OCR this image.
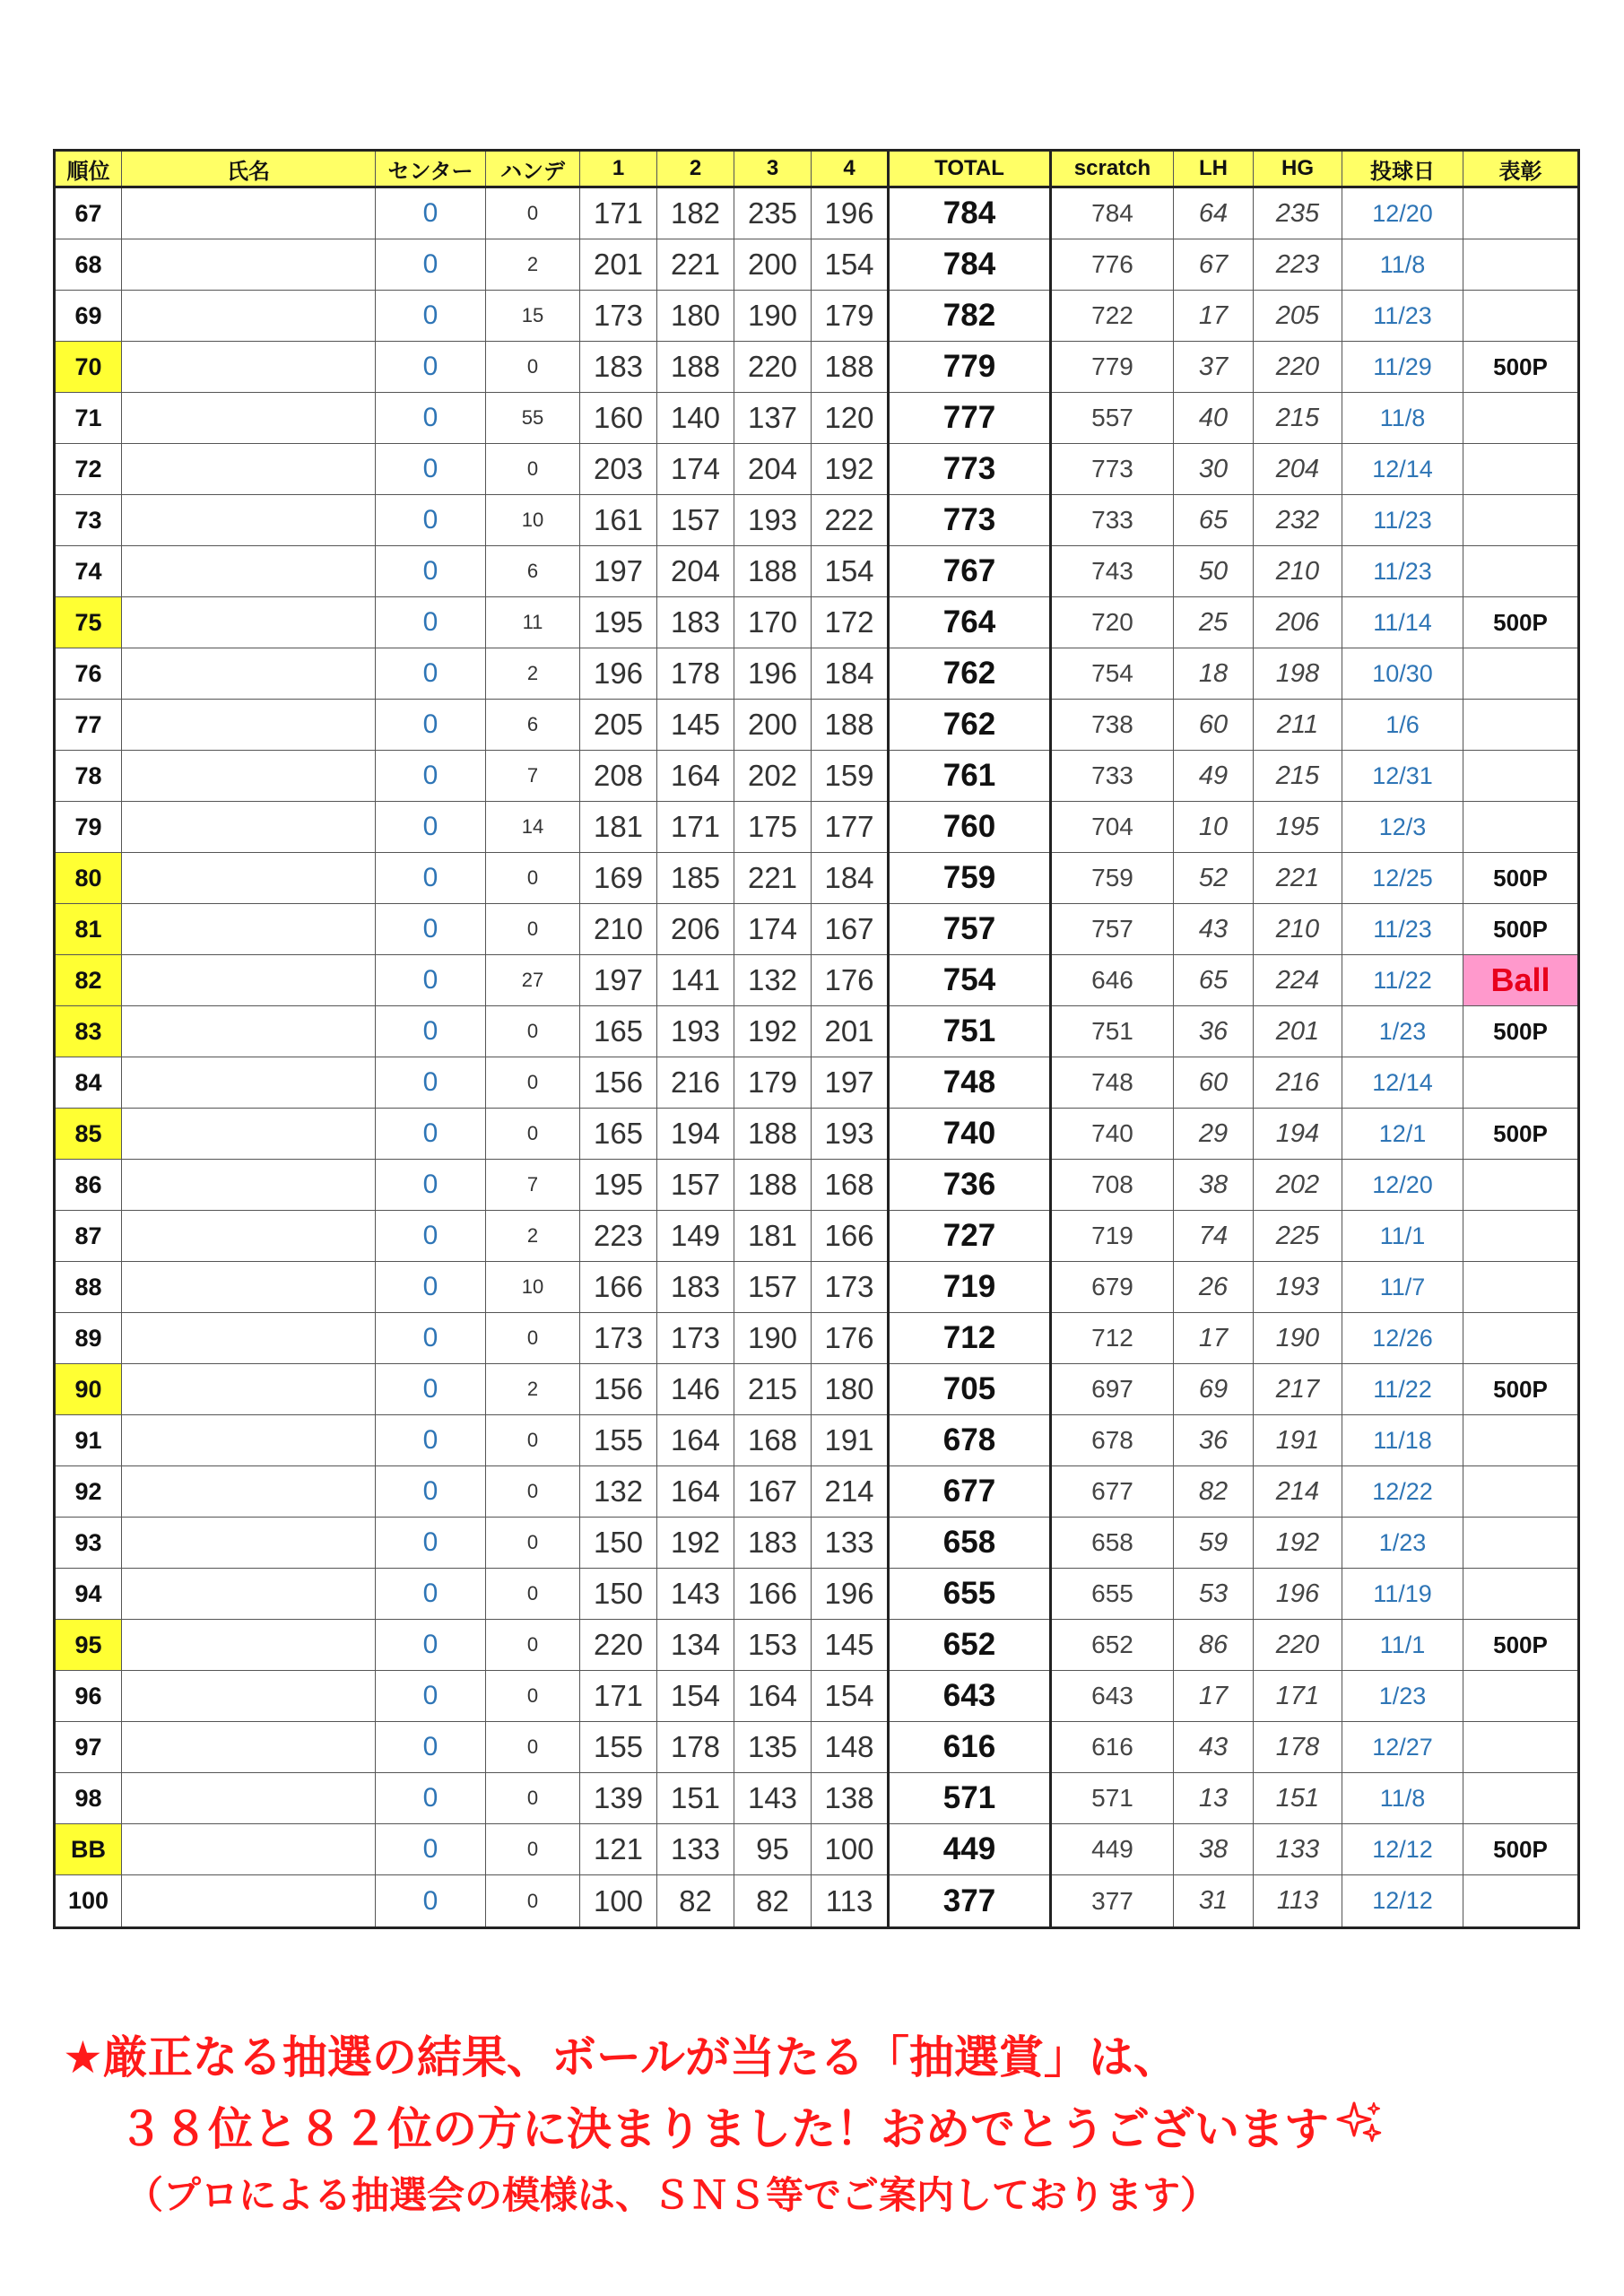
順位	氏名	センター	ハンデ	1	2	3	4	TOTAL	scratch	LH	HG	投球日	表彰
67		0	0	171	182	235	196	784	784	64	235	12/20	
68		0	2	201	221	200	154	784	776	67	223	11/8	
69		0	15	173	180	190	179	782	722	17	205	11/23	
70		0	0	183	188	220	188	779	779	37	220	11/29	500P
71		0	55	160	140	137	120	777	557	40	215	11/8	
72		0	0	203	174	204	192	773	773	30	204	12/14	
73		0	10	161	157	193	222	773	733	65	232	11/23	
74		0	6	197	204	188	154	767	743	50	210	11/23	
75		0	11	195	183	170	172	764	720	25	206	11/14	500P
76		0	2	196	178	196	184	762	754	18	198	10/30	
77		0	6	205	145	200	188	762	738	60	211	1/6	
78		0	7	208	164	202	159	761	733	49	215	12/31	
79		0	14	181	171	175	177	760	704	10	195	12/3	
80		0	0	169	185	221	184	759	759	52	221	12/25	500P
81		0	0	210	206	174	167	757	757	43	210	11/23	500P
82		0	27	197	141	132	176	754	646	65	224	11/22	Ball
83		0	0	165	193	192	201	751	751	36	201	1/23	500P
84		0	0	156	216	179	197	748	748	60	216	12/14	
85		0	0	165	194	188	193	740	740	29	194	12/1	500P
86		0	7	195	157	188	168	736	708	38	202	12/20	
87		0	2	223	149	181	166	727	719	74	225	11/1	
88		0	10	166	183	157	173	719	679	26	193	11/7	
89		0	0	173	173	190	176	712	712	17	190	12/26	
90		0	2	156	146	215	180	705	697	69	217	11/22	500P
91		0	0	155	164	168	191	678	678	36	191	11/18	
92		0	0	132	164	167	214	677	677	82	214	12/22	
93		0	0	150	192	183	133	658	658	59	192	1/23	
94		0	0	150	143	166	196	655	655	53	196	11/19	
95		0	0	220	134	153	145	652	652	86	220	11/1	500P
96		0	0	171	154	164	154	643	643	17	171	1/23	
97		0	0	155	178	135	148	616	616	43	178	12/27	
98		0	0	139	151	143	138	571	571	13	151	11/8	
BB		0	0	121	133	95	100	449	449	38	133	12/12	500P
100		0	0	100	82	82	113	377	377	31	113	12/12	
★厳正なる抽選の結果、ボールが当たる「抽選賞」は、
３８位と８２位の方に決まりました！おめでとうございます
（プロによる抽選会の模様は、ＳＮＳ等でご案内しております）
